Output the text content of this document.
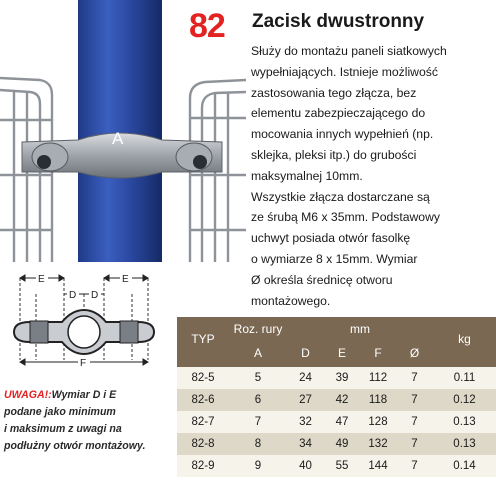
A
82 Zacisk dwustronny
Służy do montażu paneli siatkowych
wypełniających. Istnieje możliwość
zastosowania tego złącza, bez
elementu zabezpieczającego do
mocowania innych wypełnień (np.
sklejka, pleksi itp.) do grubości
maksymalnej 10mm.
Wszystkie złącza dostarczane są
ze śrubą M6 x 35mm. Podstawowy
uchwyt posiada otwór fasolkę
o wymiarze 8 x 15mm. Wymiar
Ø określa średnicę otworu
montażowego.
E	E
D D
F
UWAGA!:Wymiar D i E
podane jako minimum
i maksimum z uwagi na
podłużny otwór montażowy.
TYP
Roz. rury	mm
kg
A	D	E	F	Ø
82-5	5	24	39	112	7	0.11
82-6	6	27	42	118	7	0.12
82-7	7	32	47	128	7	0.13
82-8	8	34	49	132	7	0.13
82-9	9	40	55	144	7	0.14
